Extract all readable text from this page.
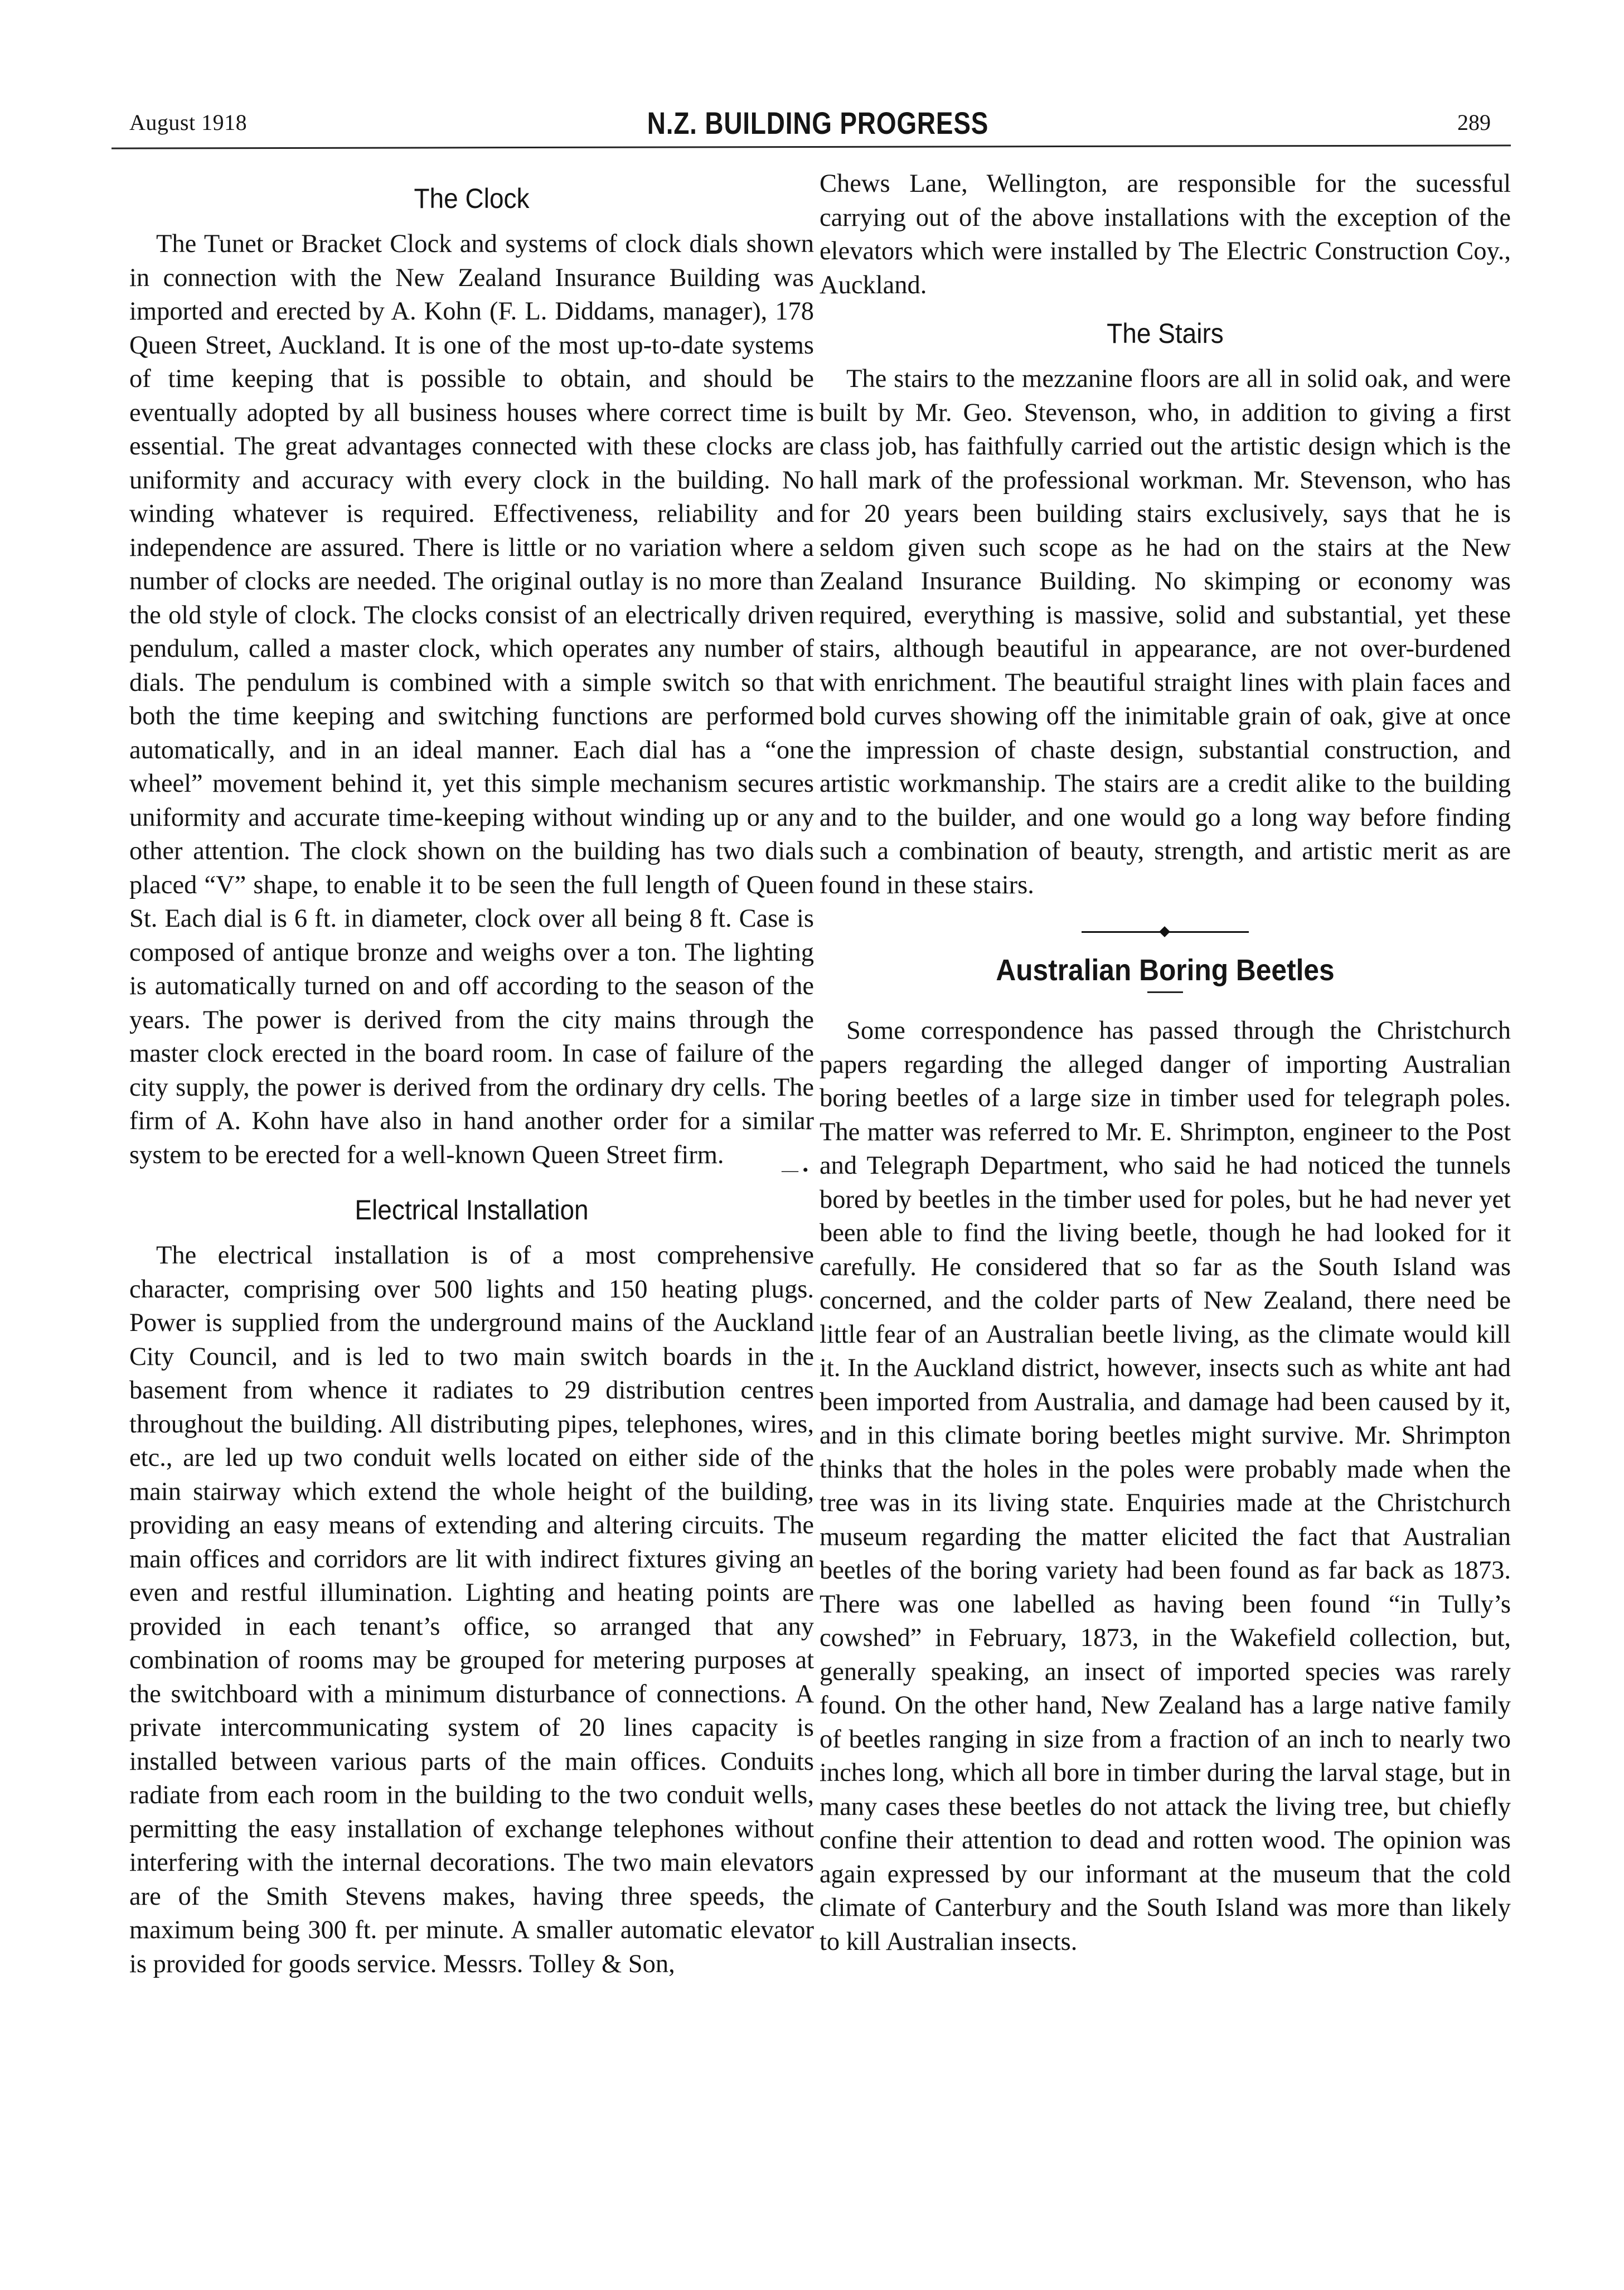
August 1918	N.Z. BUILDING PROGRESS	289
The Clock

The Tunet or Bracket Clock and systems of clock dials shown in connection with the New Zealand Insurance Building was imported and erected by A. Kohn (F. L. Diddams, manager), 178 Queen Street, Auckland. It is one of the most up-to-date systems of time keeping that is possible to obtain, and should be eventually adopted by all business houses where correct time is essential. The great advantages connected with these clocks are uniformity and accuracy with every clock in the building. No winding whatever is required. Effectiveness, reliability and independence are assured. There is little or no variation where a number of clocks are needed. The original outlay is no more than the old style of clock. The clocks consist of an electrically driven pendulum, called a master clock, which operates any number of dials. The pendulum is combined with a simple switch so that both the time keeping and switching functions are performed automatically, and in an ideal manner. Each dial has a “one wheel” movement behind it, yet this simple mechanism secures uniformity and accurate time-keeping without winding up or any other attention. The clock shown on the building has two dials placed “V” shape, to enable it to be seen the full length of Queen St. Each dial is 6 ft. in diameter, clock over all being 8 ft. Case is composed of antique bronze and weighs over a ton. The lighting is automatically turned on and off according to the season of the years. The power is derived from the city mains through the master clock erected in the board room. In case of failure of the city supply, the power is derived from the ordinary dry cells. The firm of A. Kohn have also in hand another order for a similar system to be erected for a well-known Queen Street firm.

— •
Electrical Installation

The electrical installation is of a most comprehensive character, comprising over 500 lights and 150 heating plugs. Power is supplied from the underground mains of the Auckland City Council, and is led to two main switch boards in the basement from whence it radiates to 29 distribution centres throughout the building. All distributing pipes, telephones, wires, etc., are led up two conduit wells located on either side of the main stairway which extend the whole height of the building, providing an easy means of extending and altering circuits. The main offices and corridors are lit with indirect fixtures giving an even and restful illumination. Lighting and heating points are provided in each tenant’s office, so arranged that any combination of rooms may be grouped for metering purposes at the switchboard with a minimum disturbance of connections. A private intercommunicating system of 20 lines capacity is installed between various parts of the main offices. Conduits radiate from each room in the building to the two conduit wells, permitting the easy installation of exchange telephones without interfering with the internal decorations. The two main elevators are of the Smith Stevens makes, having three speeds, the maximum being 300 ft. per minute. A smaller automatic elevator is provided for goods service. Messrs. Tolley & Son,

Chews Lane, Wellington, are responsible for the sucessful carrying out of the above installations with the exception of the elevators which were installed by The Electric Construction Coy., Auckland.

The Stairs

The stairs to the mezzanine floors are all in solid oak, and were built by Mr. Geo. Stevenson, who, in addition to giving a first class job, has faithfully carried out the artistic design which is the hall mark of the professional workman. Mr. Stevenson, who has for 20 years been building stairs exclusively, says that he is seldom given such scope as he had on the stairs at the New Zealand Insurance Building. No skimping or economy was required, everything is massive, solid and substantial, yet these stairs, although beautiful in appearance, are not over-burdened with enrichment. The beautiful straight lines with plain faces and bold curves showing off the inimitable grain of oak, give at once the impression of chaste design, substantial construction, and artistic workmanship. The stairs are a credit alike to the building and to the builder, and one would go a long way before finding such a combination of beauty, strength, and artistic merit as are found in these stairs.

Australian Boring Beetles

Some correspondence has passed through the Christchurch papers regarding the alleged danger of importing Australian boring beetles of a large size in timber used for telegraph poles. The matter was referred to Mr. E. Shrimpton, engineer to the Post and Telegraph Department, who said he had noticed the tunnels bored by beetles in the timber used for poles, but he had never yet been able to find the living beetle, though he had looked for it carefully. He considered that so far as the South Island was concerned, and the colder parts of New Zealand, there need be little fear of an Australian beetle living, as the climate would kill it. In the Auckland district, however, insects such as white ant had been imported from Australia, and damage had been caused by it, and in this climate boring beetles might survive. Mr. Shrimpton thinks that the holes in the poles were probably made when the tree was in its living state. Enquiries made at the Christchurch museum regarding the matter elicited the fact that Australian beetles of the boring variety had been found as far back as 1873. There was one labelled as having been found “in Tully’s cowshed” in February, 1873, in the Wakefield collection, but, generally speaking, an insect of imported species was rarely found. On the other hand, New Zealand has a large native family of beetles ranging in size from a fraction of an inch to nearly two inches long, which all bore in timber during the larval stage, but in many cases these beetles do not attack the living tree, but chiefly confine their attention to dead and rotten wood. The opinion was again expressed by our informant at the museum that the cold climate of Canterbury and the South Island was more than likely to kill Australian insects.
